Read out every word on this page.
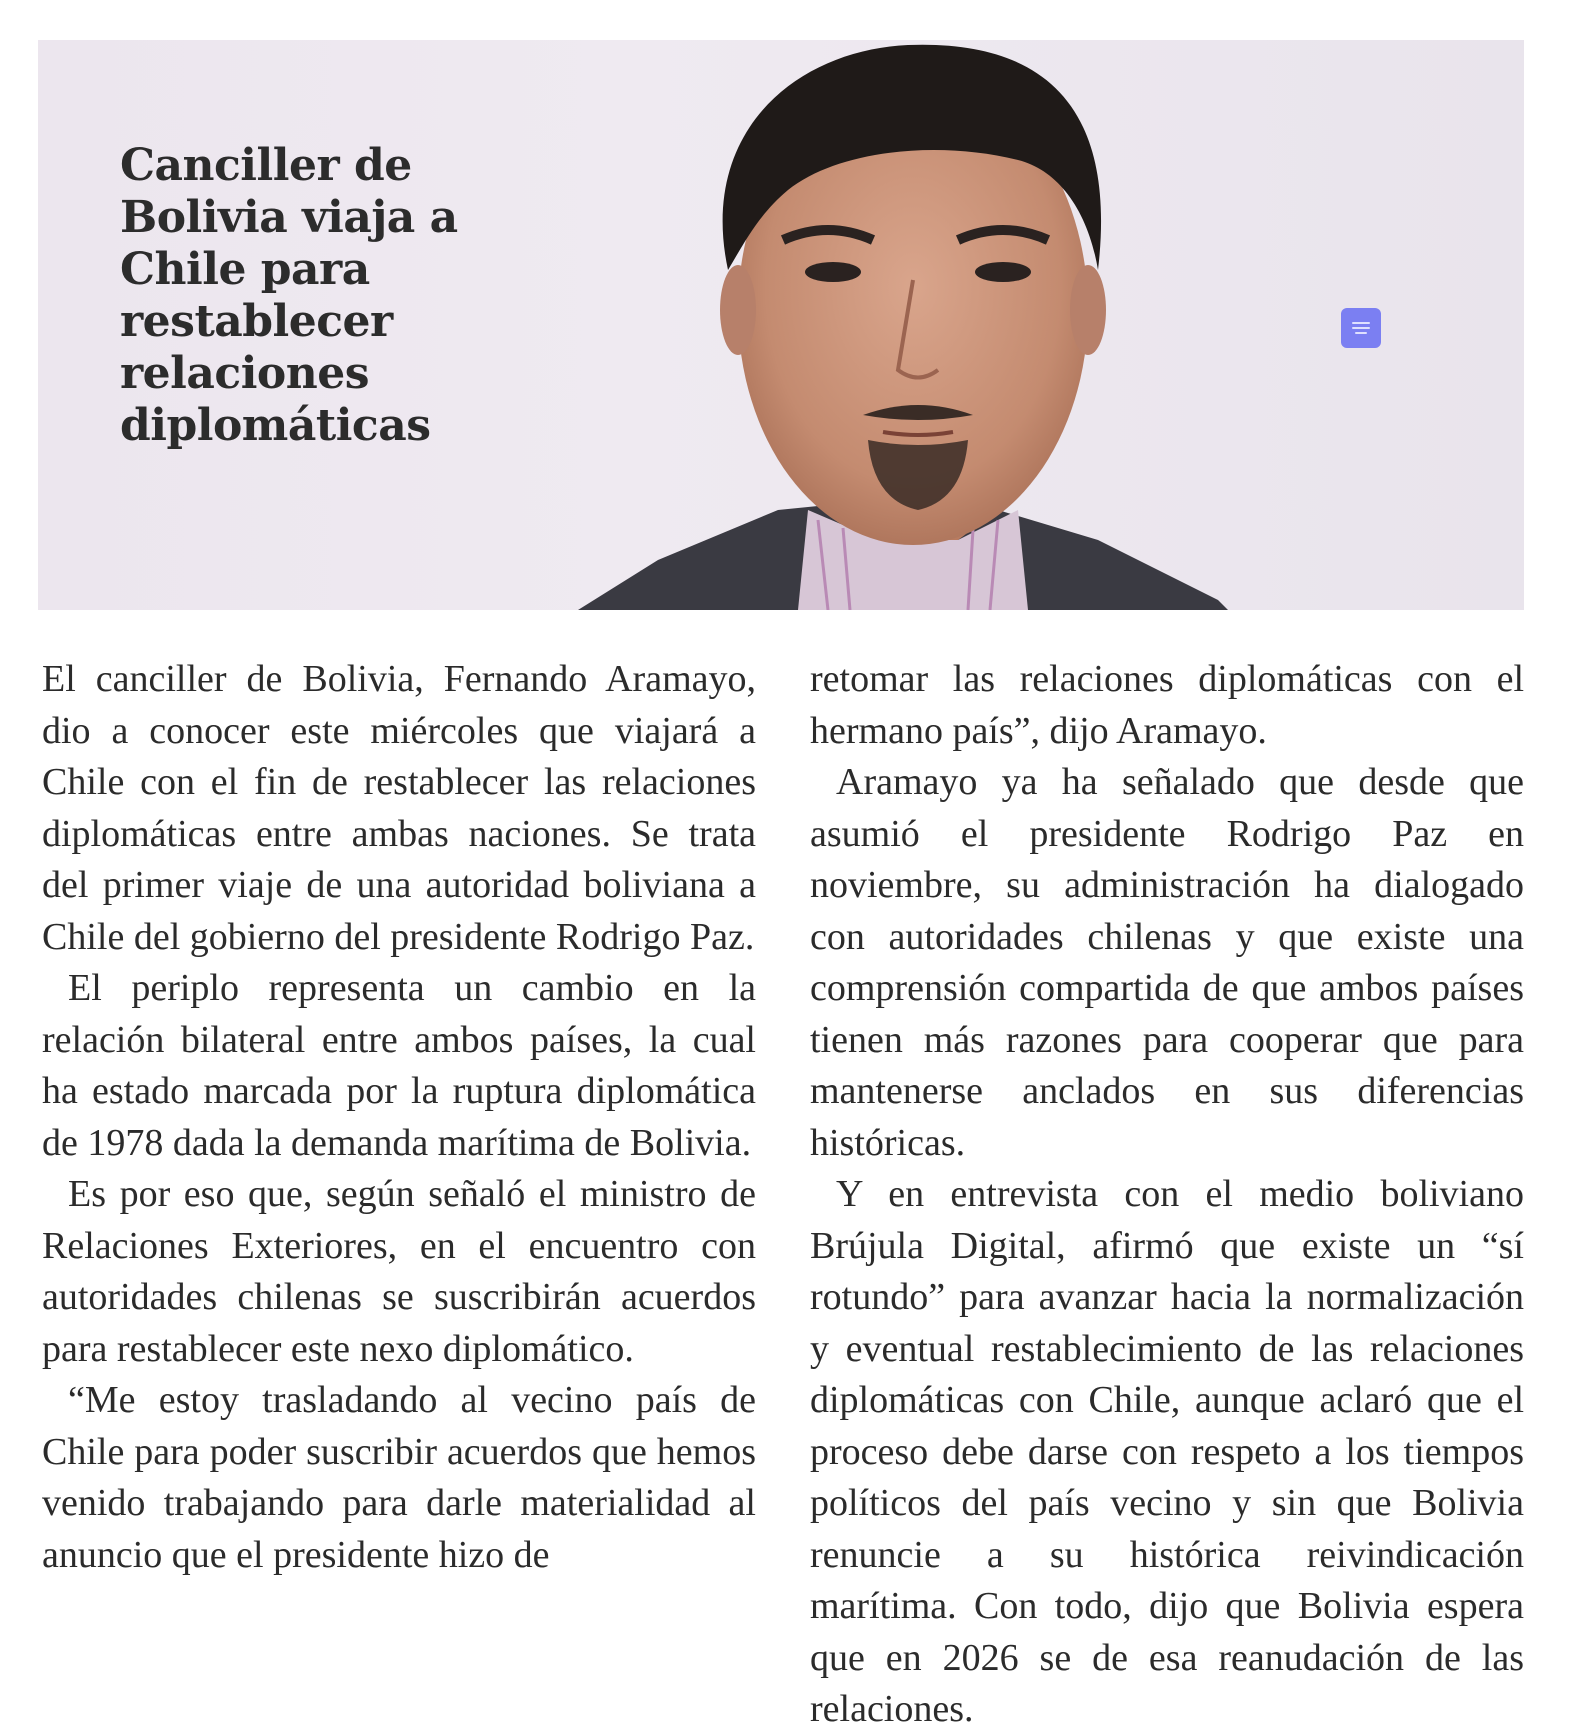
Canciller de Bolivia viaja a Chile para restablecer relaciones diplomáticas

El canciller de Bolivia, Fernando Aramayo, dio a conocer este miércoles que viajará a Chile con el fin de restablecer las relaciones diplomáticas entre ambas naciones. Se trata del primer viaje de una autoridad boliviana a Chile del gobierno del presidente Rodrigo Paz.

El periplo representa un cambio en la relación bilateral entre ambos países, la cual ha estado marcada por la ruptura diplomática de 1978 dada la demanda marítima de Bolivia.

Es por eso que, según señaló el ministro de Relaciones Exteriores, en el encuentro con autoridades chilenas se suscribirán acuerdos para restablecer este nexo diplomático.

“Me estoy trasladando al vecino país de Chile para poder suscribir acuerdos que hemos venido trabajando para darle materialidad al anuncio que el presidente hizo de

retomar las relaciones diplomáticas con el hermano país”, dijo Aramayo.

Aramayo ya ha señalado que desde que asumió el presidente Rodrigo Paz en noviembre, su administración ha dialogado con autoridades chilenas y que existe una comprensión compartida de que ambos países tienen más razones para cooperar que para mantenerse anclados en sus diferencias históricas.

Y en entrevista con el medio boliviano Brújula Digital, afirmó que existe un “sí rotundo” para avanzar hacia la normalización y eventual restablecimiento de las relaciones diplomáticas con Chile, aunque aclaró que el proceso debe darse con respeto a los tiempos políticos del país vecino y sin que Bolivia renuncie a su histórica reivindicación marítima. Con todo, dijo que Bolivia espera que en 2026 se de esa reanudación de las relaciones.
